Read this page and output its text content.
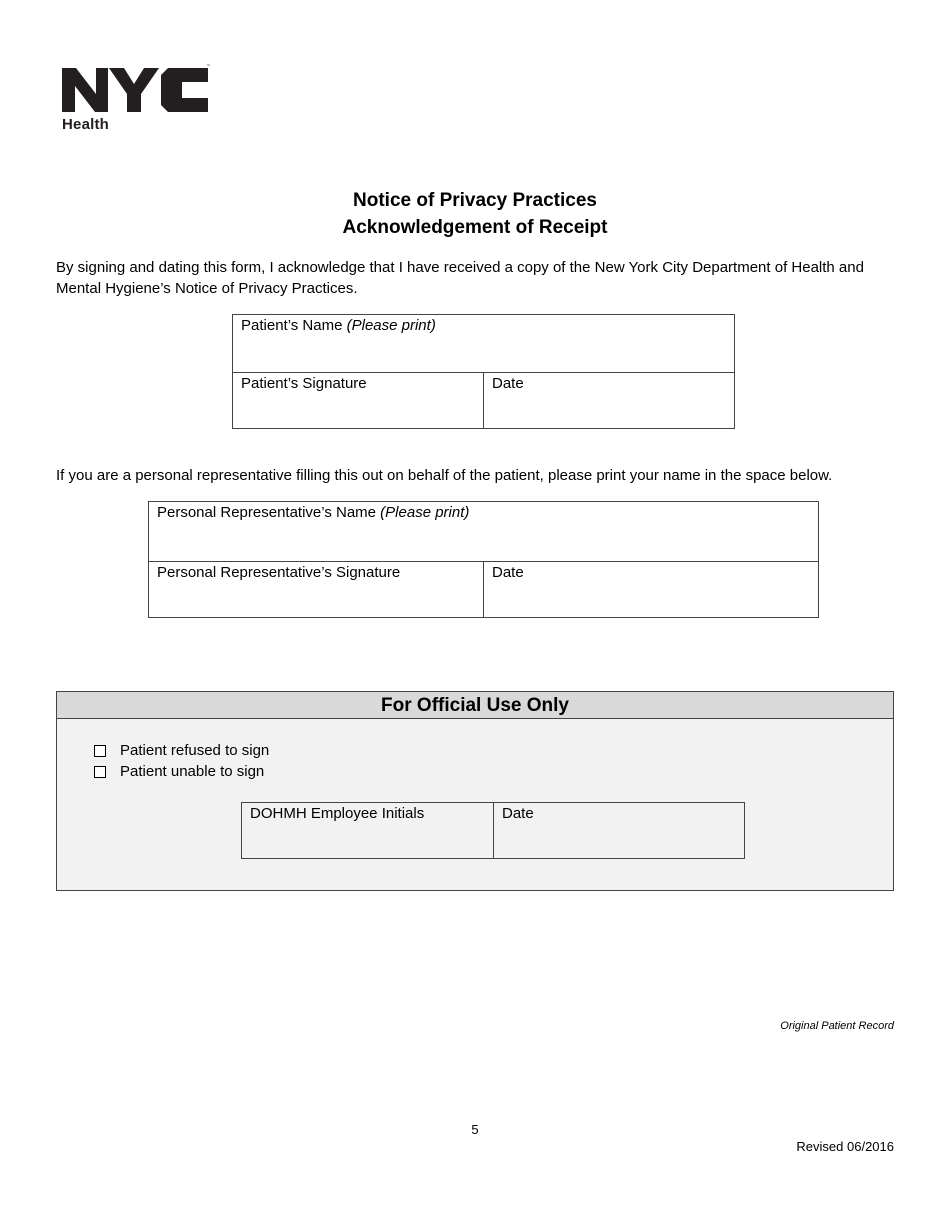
™
Health
Notice of Privacy Practices
Acknowledgement of Receipt
By signing and dating this form, I acknowledge that I have received a copy of the New York City Department of Health and Mental Hygiene’s Notice of Privacy Practices.
Patient’s Name (Please print)
Patient’s Signature	Date
If you are a personal representative filling this out on behalf of the patient, please print your name in the space below.
Personal Representative’s Name (Please print)
Personal Representative’s Signature	Date
For Official Use Only
Patient refused to sign
Patient unable to sign
DOHMH Employee Initials	Date
Original Patient Record
5
Revised 06/2016
